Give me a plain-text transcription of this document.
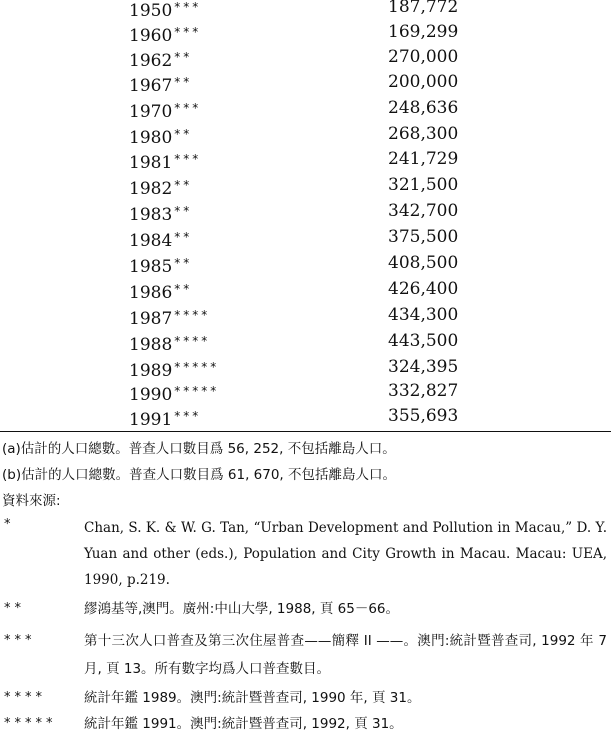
1950 ***	187,772
1960 ***	169,299
1962 **	270,000
1967 **	200,000
1970 ***	248,636
1980 **	268,300
1981 ***	241,729
1982 **	321,500
1983 **	342,700
1984 **	375,500
1985 **	408,500
1986 **	426,400
1987 ****	434,300
1988 ****	443,500
1989 *****	324,395
1990 *****	332,827
1991 ***	355,693
(a)估計的人口總數。普查人口數目爲 56, 252, 不包括離島人口。
(b)估計的人口總數。普查人口數目爲 61, 670, 不包括離島人口。
資料來源:
*	Chan, S. K. & W. G. Tan, “Urban Development and Pollution in Macau,” D. Y. Yuan and other (eds.), Population and City Growth in Macau. Macau: UEA, 1990, p.219.
**	繆鴻基等,澳門。廣州:中山大學, 1988, 頁 65－66。
***	第十三次人口普查及第三次住屋普查——簡釋 II ——。澳門:統計暨普查司, 1992 年 7 月, 頁 13。所有數字均爲人口普查數目。
****	統計年鑑 1989。澳門:統計暨普查司, 1990 年, 頁 31。
***** 統計年鑑 1991。澳門:統計暨普查司, 1992, 頁 31。
